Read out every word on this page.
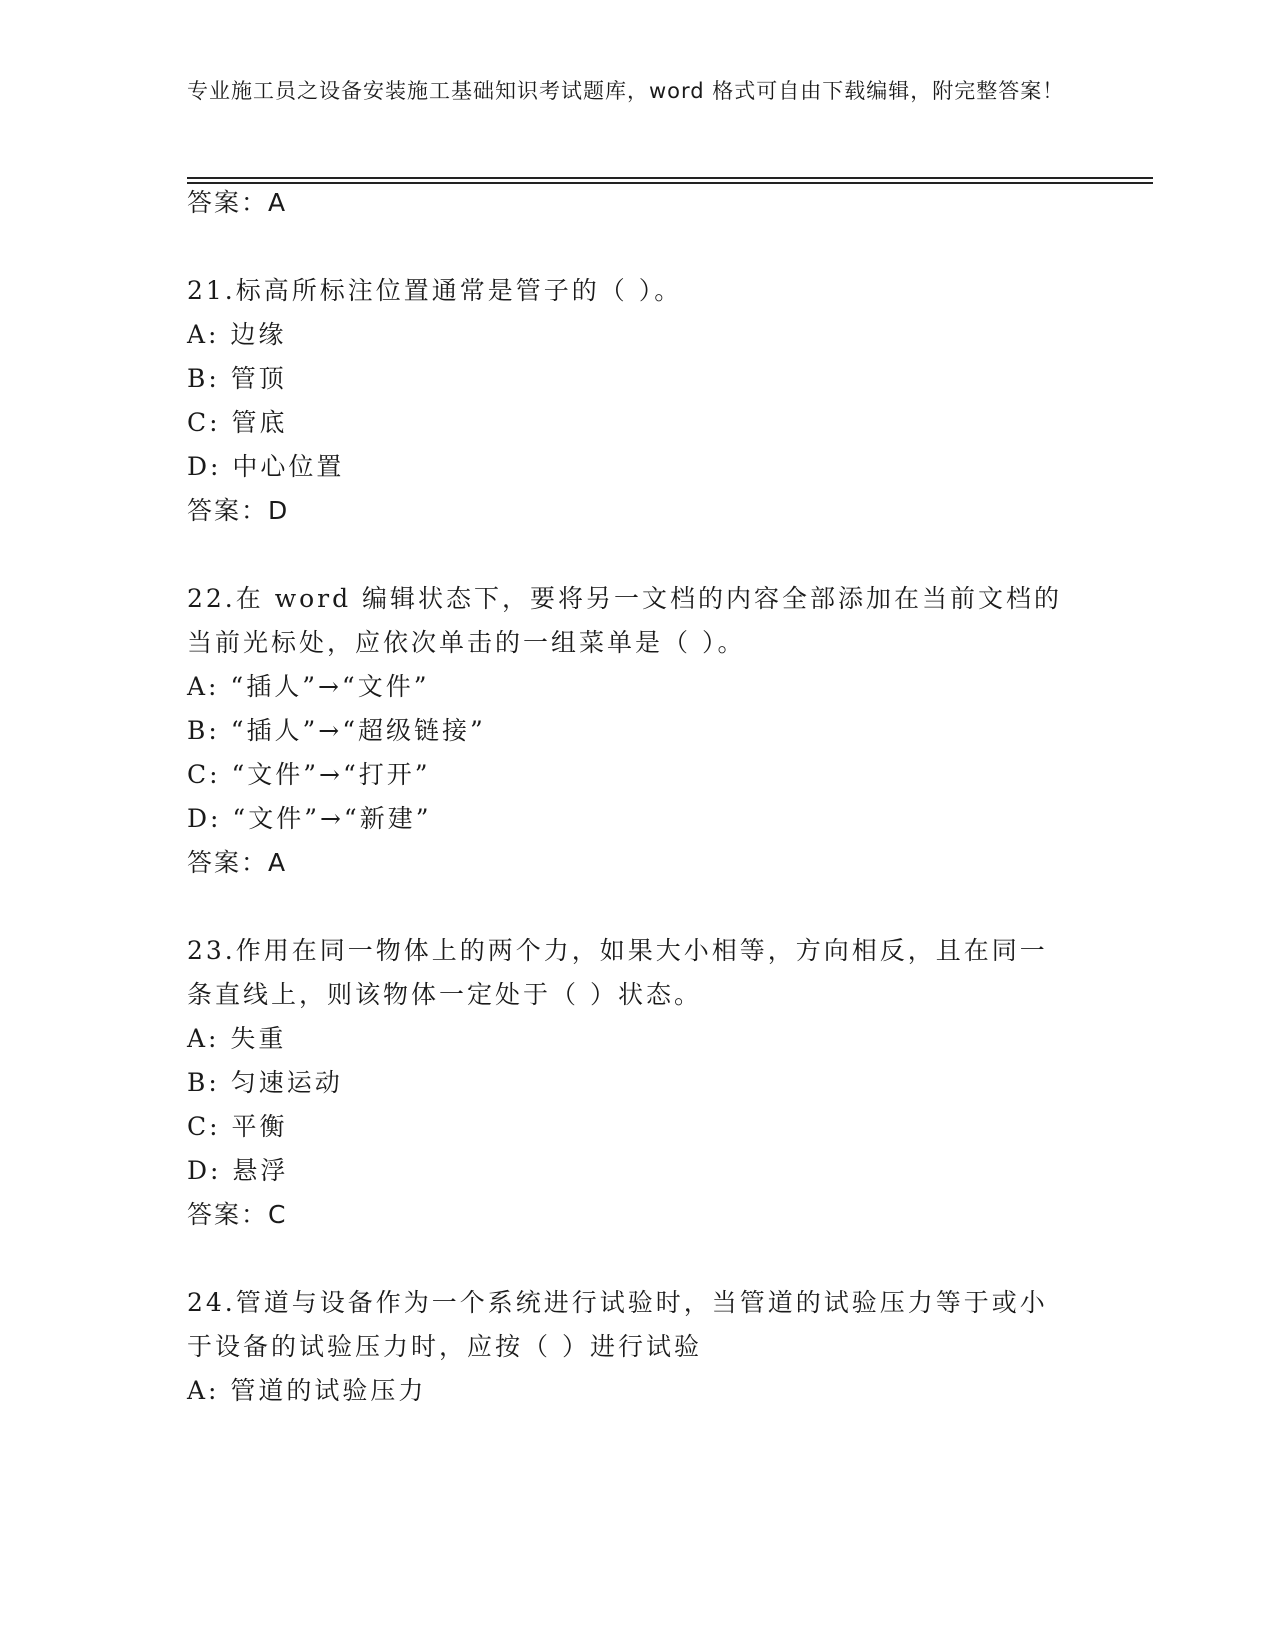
专业施工员之设备安装施工基础知识考试题库，word 格式可自由下载编辑，附完整答案！
答案：A
21.标高所标注位置通常是管子的（ ）。
A: 边缘
B: 管顶
C: 管底
D: 中心位置
答案：D
22.在 word 编辑状态下，要将另一文档的内容全部添加在当前文档的
当前光标处，应依次单击的一组菜单是（ ）。
A: “插人”→“文件”
B: “插人”→“超级链接”
C: “文件”→“打开”
D: “文件”→“新建”
答案：A
23.作用在同一物体上的两个力，如果大小相等，方向相反，且在同一
条直线上，则该物体一定处于（ ）状态。
A: 失重
B: 匀速运动
C: 平衡
D: 悬浮
答案：C
24.管道与设备作为一个系统进行试验时，当管道的试验压力等于或小
于设备的试验压力时，应按（ ）进行试验
A: 管道的试验压力
